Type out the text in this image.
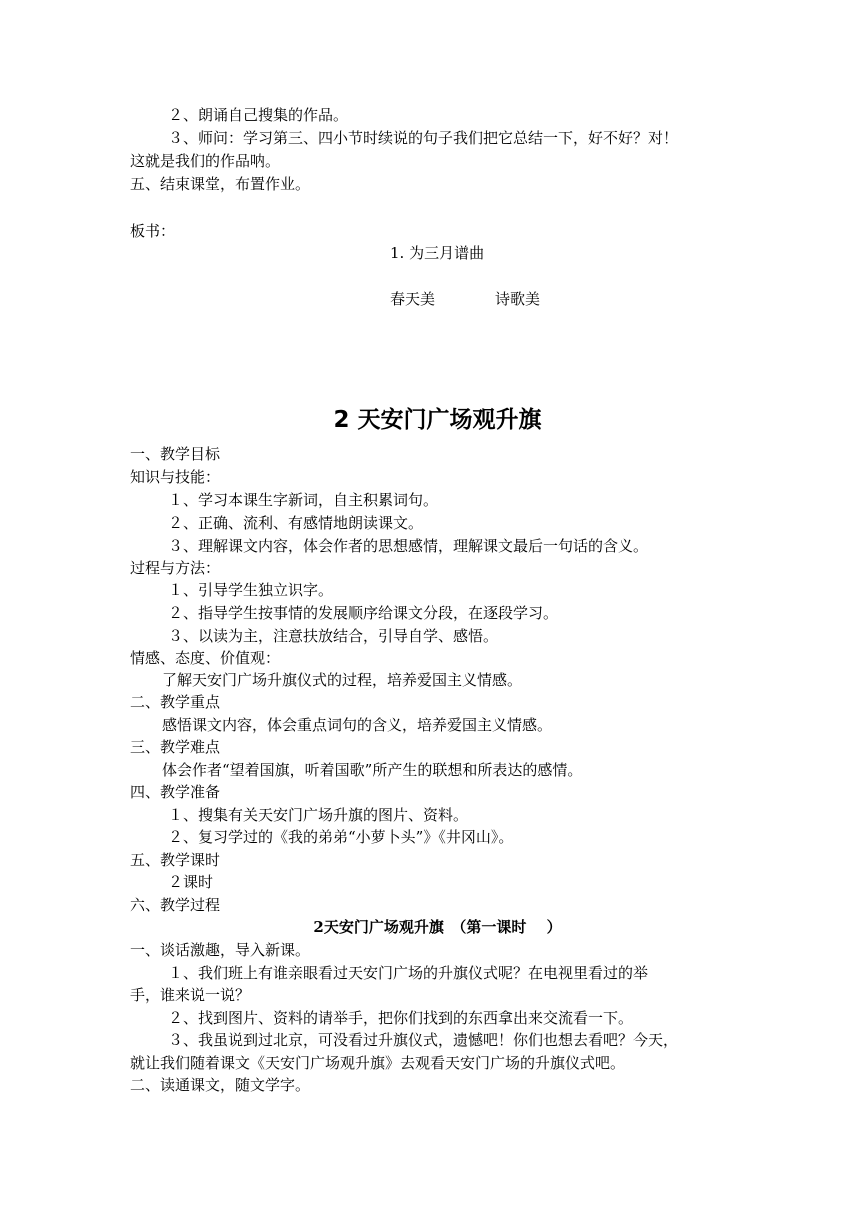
２、朗诵自己搜集的作品。
３、师问：学习第三、四小节时续说的句子我们把它总结一下，好不好？对！
这就是我们的作品呐。
五、结束课堂，布置作业。
板书：
1. 为三月谱曲
春天美	诗歌美
2 天安门广场观升旗
一、教学目标
知识与技能：
１、学习本课生字新词，自主积累词句。
２、正确、流利、有感情地朗读课文。
３、理解课文内容，体会作者的思想感情，理解课文最后一句话的含义。
过程与方法：
１、引导学生独立识字。
２、指导学生按事情的发展顺序给课文分段，在逐段学习。
３、以读为主，注意扶放结合，引导自学、感悟。
情感、态度、价值观：
了解天安门广场升旗仪式的过程，培养爱国主义情感。
二、教学重点
感悟课文内容，体会重点词句的含义，培养爱国主义情感。
三、教学难点
体会作者“望着国旗，听着国歌”所产生的联想和所表达的感情。
四、教学准备
１、搜集有关天安门广场升旗的图片、资料。
２、复习学过的《我的弟弟“小萝卜头”》《井冈山》。
五、教学课时
２课时
六、教学过程
2天安门广场观升旗　（第一课时　 ）
一、谈话激趣，导入新课。
１、我们班上有谁亲眼看过天安门广场的升旗仪式呢？在电视里看过的举
手，谁来说一说？
２、找到图片、资料的请举手，把你们找到的东西拿出来交流看一下。
３、我虽说到过北京，可没看过升旗仪式，遗憾吧！你们也想去看吧？今天，
就让我们随着课文《天安门广场观升旗》去观看天安门广场的升旗仪式吧。
二、读通课文，随文学字。
